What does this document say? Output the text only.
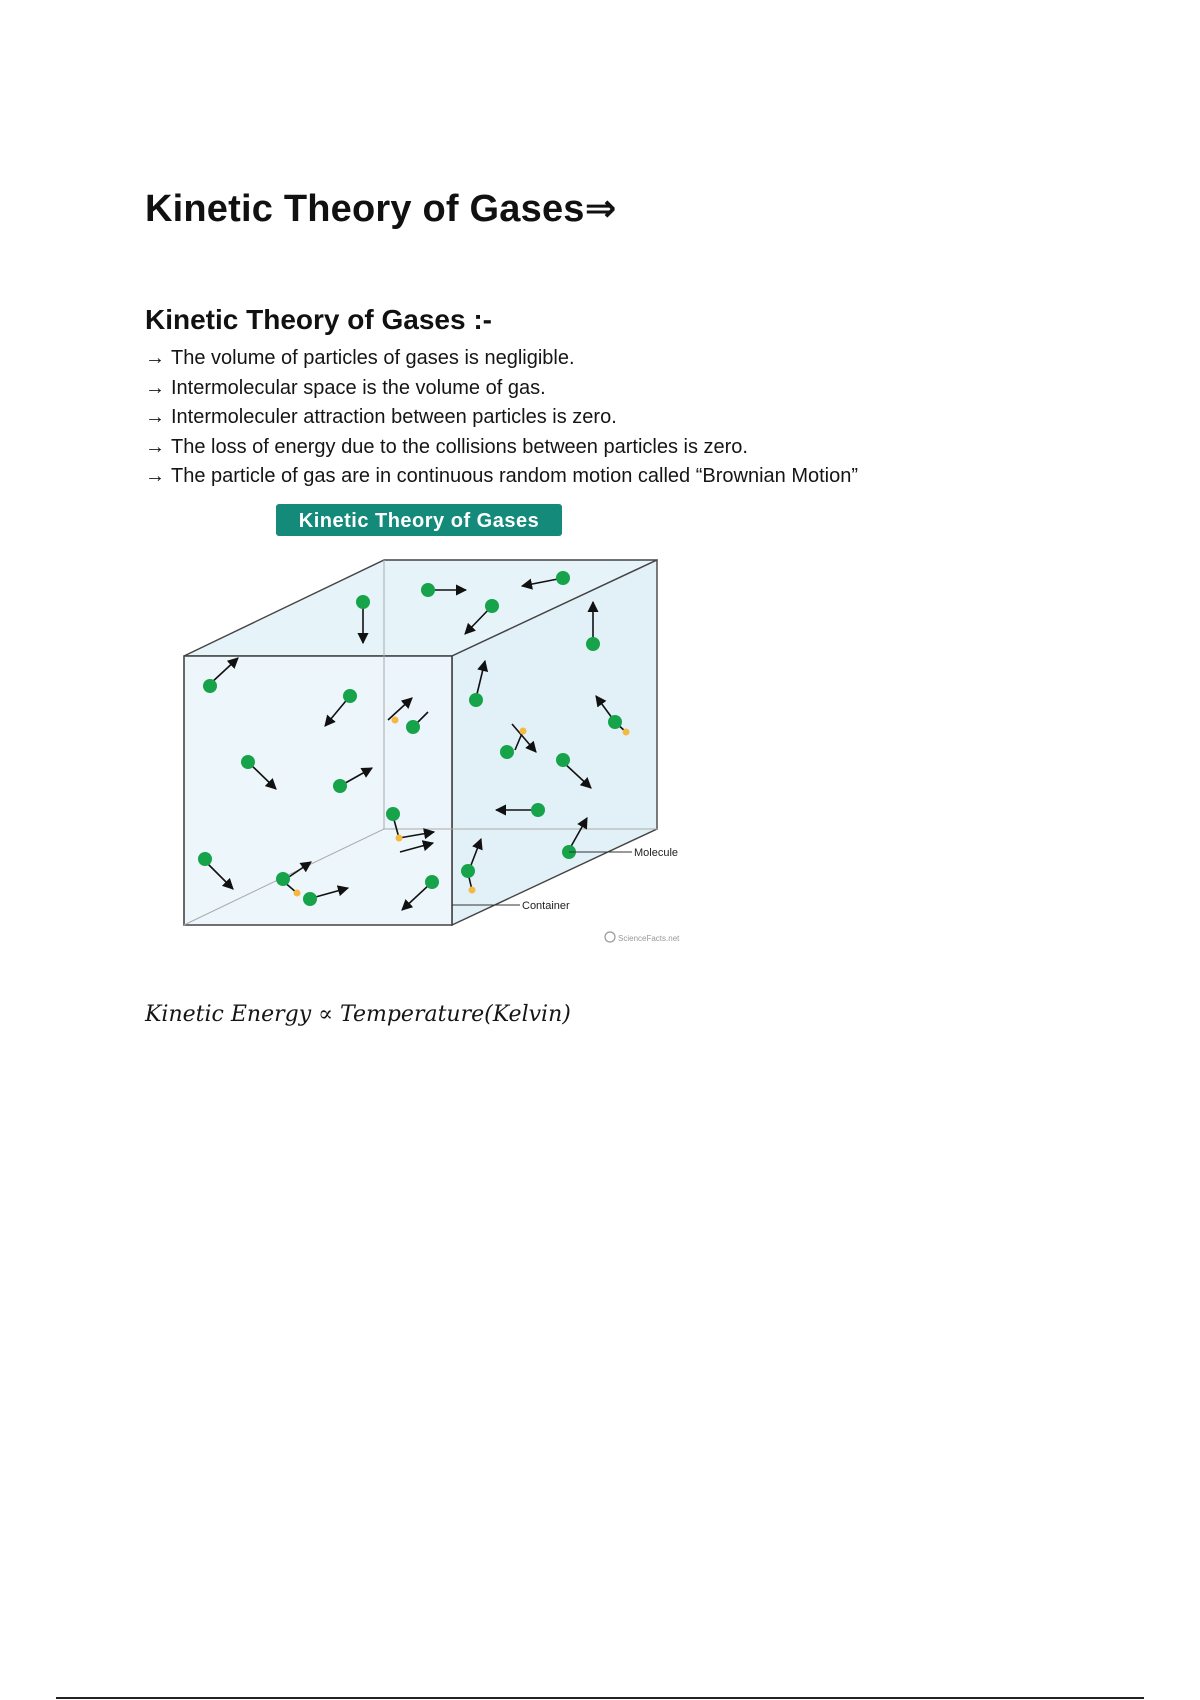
Kinetic Theory of Gases⇒
Kinetic Theory of Gases :-
→ The volume of particles of gases is negligible.
→ Intermolecular space is the volume of gas.
→ Intermoleculer attraction between particles is zero.
→ The loss of energy due to the collisions between particles is zero.
→ The particle of gas are in continuous random motion called “Brownian Motion”
Kinetic Theory of Gases
Molecule
Container
ScienceFacts.net

Kinetic Energy ∝ Temperature(Kelvin)
